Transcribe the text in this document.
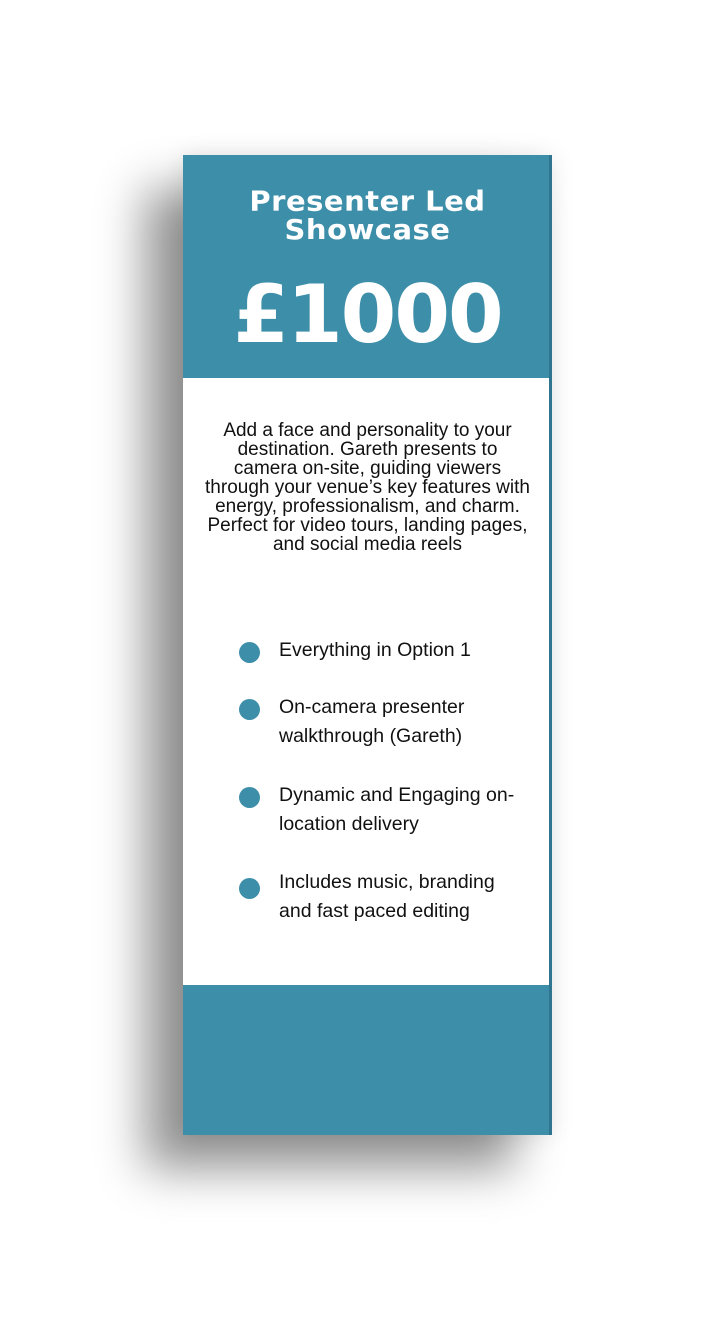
Presenter Led Showcase
£1000
Add a face and personality to your destination. Gareth presents to camera on-site, guiding viewers through your venue’s key features with energy, professionalism, and charm. Perfect for video tours, landing pages, and social media reels
Everything in Option 1
On-camera presenter walkthrough (Gareth)
Dynamic and Engaging on-location delivery
Includes music, branding and fast paced editing
